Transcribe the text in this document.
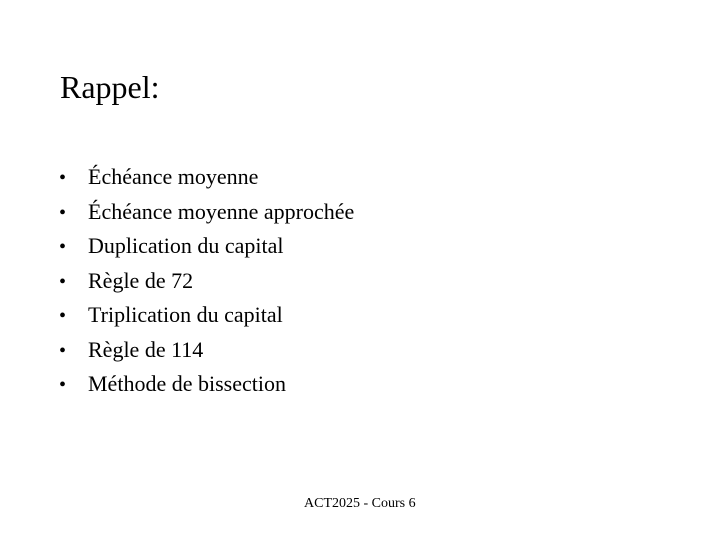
Rappel:
• Échéance moyenne
• Échéance moyenne approchée
• Duplication du capital
• Règle de 72
• Triplication du capital
• Règle de 114
• Méthode de bissection
ACT2025 - Cours 6
